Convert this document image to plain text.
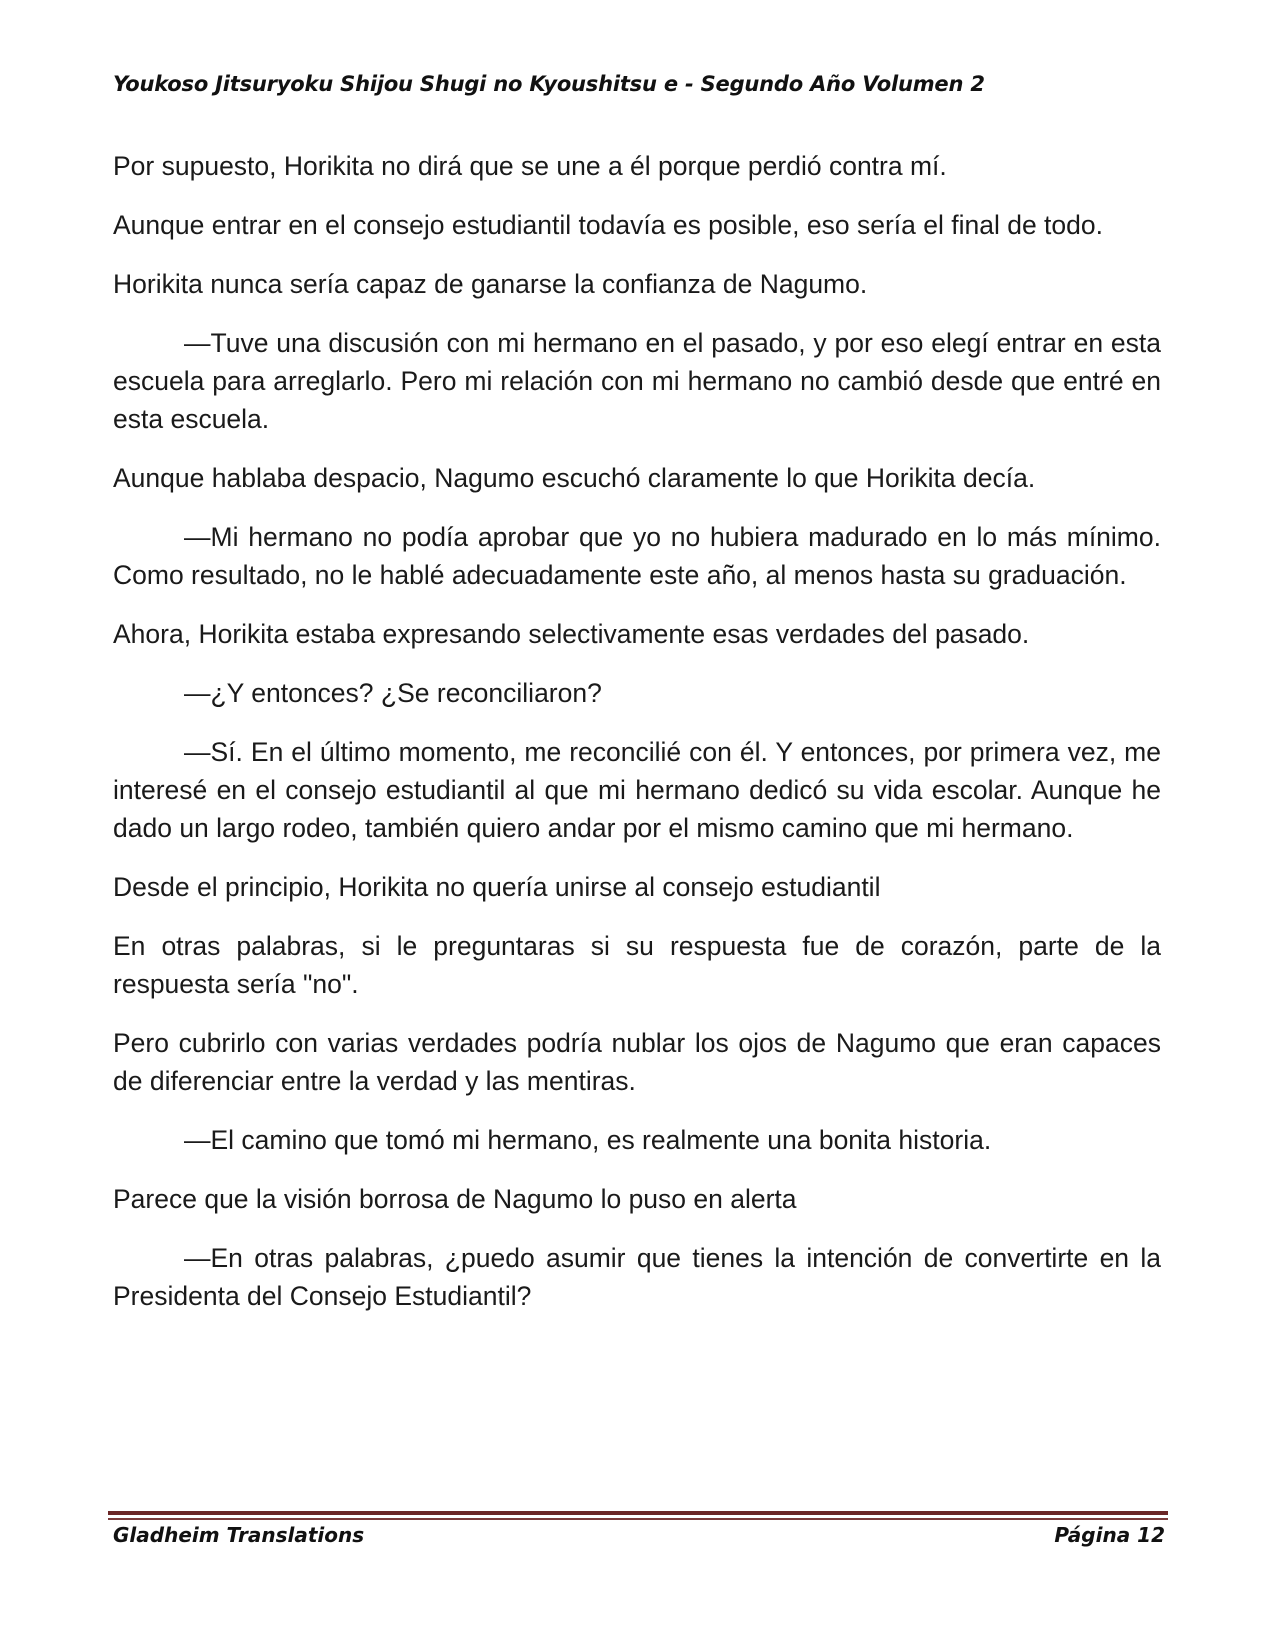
Youkoso Jitsuryoku Shijou Shugi no Kyoushitsu e - Segundo Año Volumen 2

Por supuesto, Horikita no dirá que se une a él porque perdió contra mí.

Aunque entrar en el consejo estudiantil todavía es posible, eso sería el final de todo.

Horikita nunca sería capaz de ganarse la confianza de Nagumo.

—Tuve una discusión con mi hermano en el pasado, y por eso elegí entrar en esta escuela para arreglarlo. Pero mi relación con mi hermano no cambió desde que entré en esta escuela.

Aunque hablaba despacio, Nagumo escuchó claramente lo que Horikita decía.

—Mi hermano no podía aprobar que yo no hubiera madurado en lo más mínimo. Como resultado, no le hablé adecuadamente este año, al menos hasta su graduación.

Ahora, Horikita estaba expresando selectivamente esas verdades del pasado.

—¿Y entonces? ¿Se reconciliaron?

—Sí. En el último momento, me reconcilié con él. Y entonces, por primera vez, me interesé en el consejo estudiantil al que mi hermano dedicó su vida escolar. Aunque he dado un largo rodeo, también quiero andar por el mismo camino que mi hermano.

Desde el principio, Horikita no quería unirse al consejo estudiantil

En otras palabras, si le preguntaras si su respuesta fue de corazón, parte de la respuesta sería "no".

Pero cubrirlo con varias verdades podría nublar los ojos de Nagumo que eran capaces de diferenciar entre la verdad y las mentiras.

—El camino que tomó mi hermano, es realmente una bonita historia.

Parece que la visión borrosa de Nagumo lo puso en alerta

—En otras palabras, ¿puedo asumir que tienes la intención de convertirte en la Presidenta del Consejo Estudiantil?

Gladheim Translations	Página 12
